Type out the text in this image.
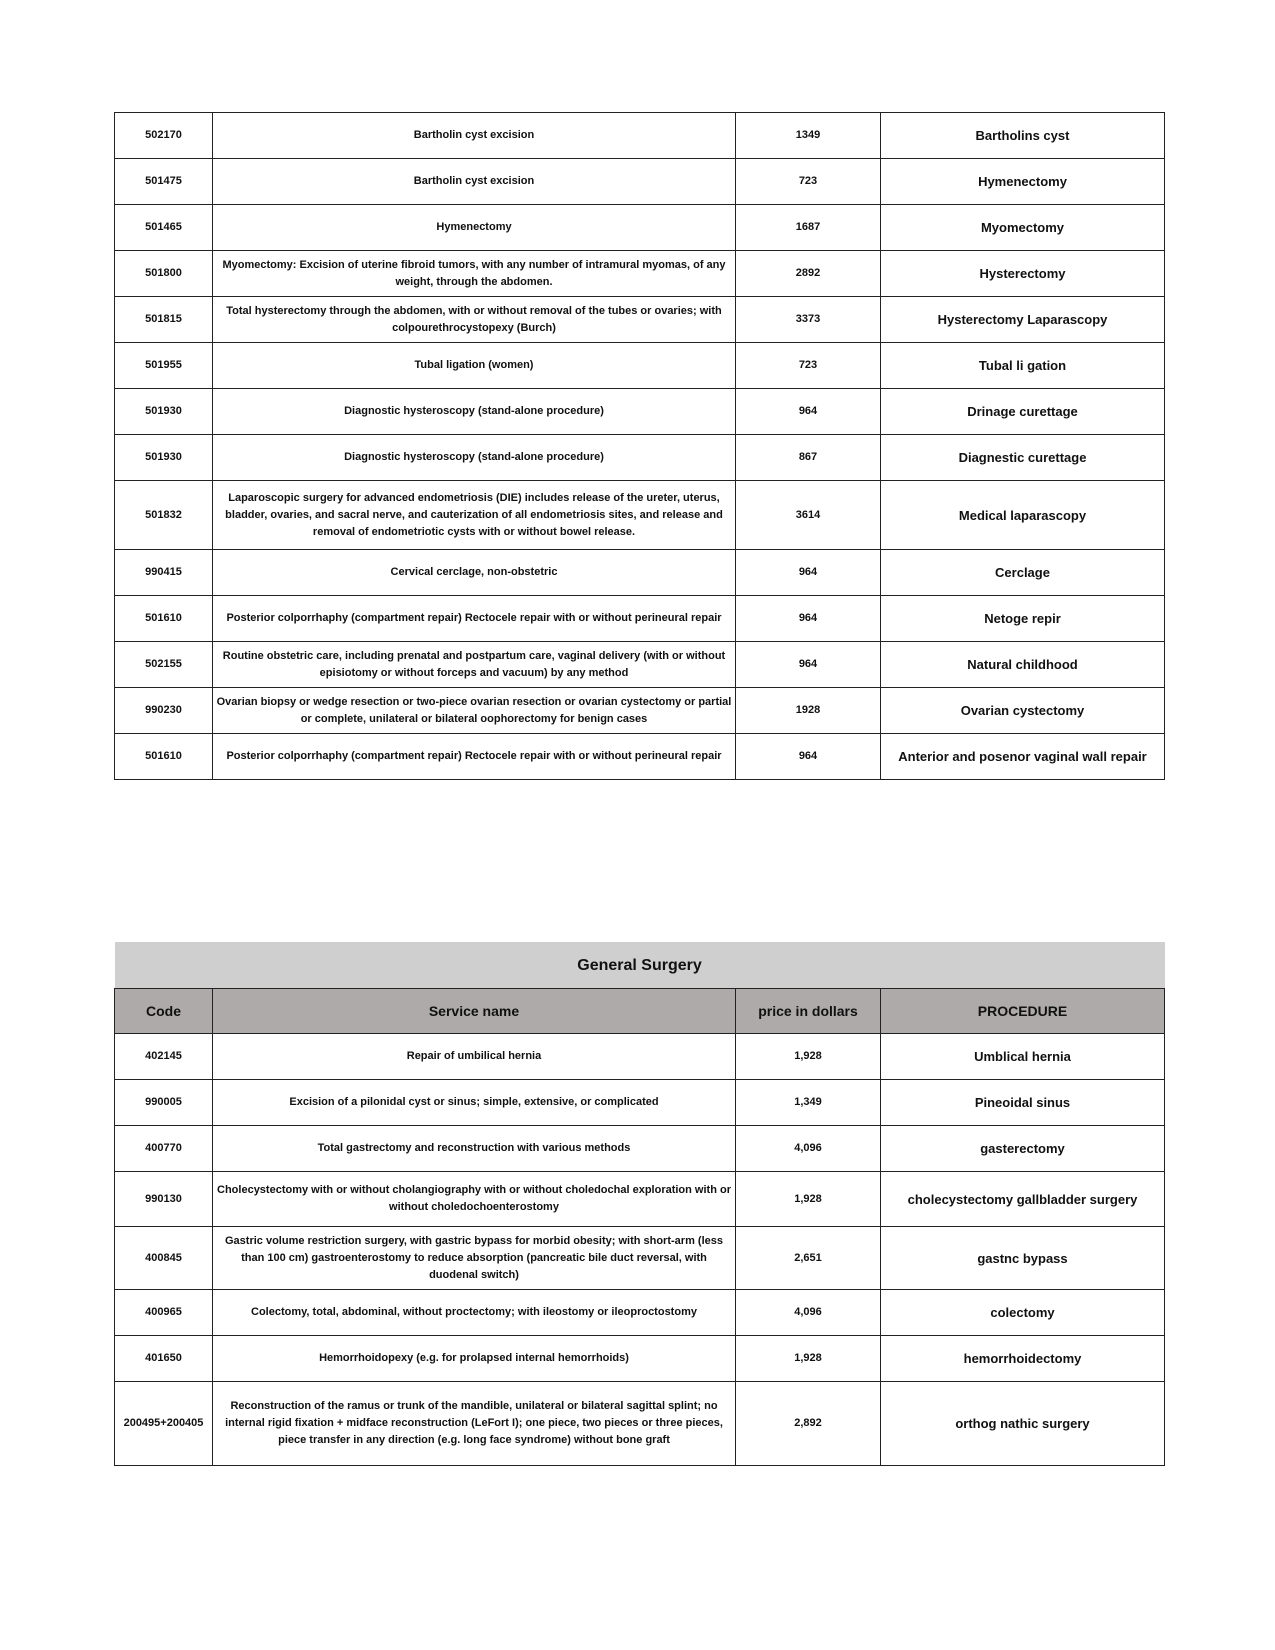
502170	Bartholin cyst excision	1349	Bartholins cyst
501475	Bartholin cyst excision	723	Hymenectomy
501465	Hymenectomy	1687	Myomectomy
501800	Myomectomy: Excision of uterine fibroid tumors, with any number of intramural myomas, of any weight, through the abdomen.	2892	Hysterectomy
501815	Total hysterectomy through the abdomen, with or without removal of the tubes or ovaries; with colpourethrocystopexy (Burch)	3373	Hysterectomy Laparascopy
501955	Tubal ligation (women)	723	Tubal li gation
501930	Diagnostic hysteroscopy (stand-alone procedure)	964	Drinage curettage
501930	Diagnostic hysteroscopy (stand-alone procedure)	867	Diagnestic curettage
501832	Laparoscopic surgery for advanced endometriosis (DIE) includes release of the ureter, uterus, bladder, ovaries, and sacral nerve, and cauterization of all endometriosis sites, and release and removal of endometriotic cysts with or without bowel release.	3614	Medical laparascopy
990415	Cervical cerclage, non-obstetric	964	Cerclage
501610	Posterior colporrhaphy (compartment repair) Rectocele repair with or without perineural repair	964	Netoge repir
502155	Routine obstetric care, including prenatal and postpartum care, vaginal delivery (with or without episiotomy or without forceps and vacuum) by any method	964	Natural childhood
990230	Ovarian biopsy or wedge resection or two-piece ovarian resection or ovarian cystectomy or partial or complete, unilateral or bilateral oophorectomy for benign cases	1928	Ovarian cystectomy
501610	Posterior colporrhaphy (compartment repair) Rectocele repair with or without perineural repair	964	Anterior and posenor vaginal wall repair
General Surgery			
Code	Service name	price in dollars	PROCEDURE
402145	Repair of umbilical hernia	1,928	Umblical hernia
990005	Excision of a pilonidal cyst or sinus; simple, extensive, or complicated	1,349	Pineoidal sinus
400770	Total gastrectomy and reconstruction with various methods	4,096	gasterectomy
990130	Cholecystectomy with or without cholangiography with or without choledochal exploration with or without choledochoenterostomy	1,928	cholecystectomy gallbladder surgery
400845	Gastric volume restriction surgery, with gastric bypass for morbid obesity; with short-arm (less than 100 cm) gastroenterostomy to reduce absorption (pancreatic bile duct reversal, with duodenal switch)	2,651	gastnc bypass
400965	Colectomy, total, abdominal, without proctectomy; with ileostomy or ileoproctostomy	4,096	colectomy
401650	Hemorrhoidopexy (e.g. for prolapsed internal hemorrhoids)	1,928	hemorrhoidectomy
200495+200405	Reconstruction of the ramus or trunk of the mandible, unilateral or bilateral sagittal splint; no internal rigid fixation + midface reconstruction (LeFort I); one piece, two pieces or three pieces, piece transfer in any direction (e.g. long face syndrome) without bone graft	2,892	orthog nathic surgery
